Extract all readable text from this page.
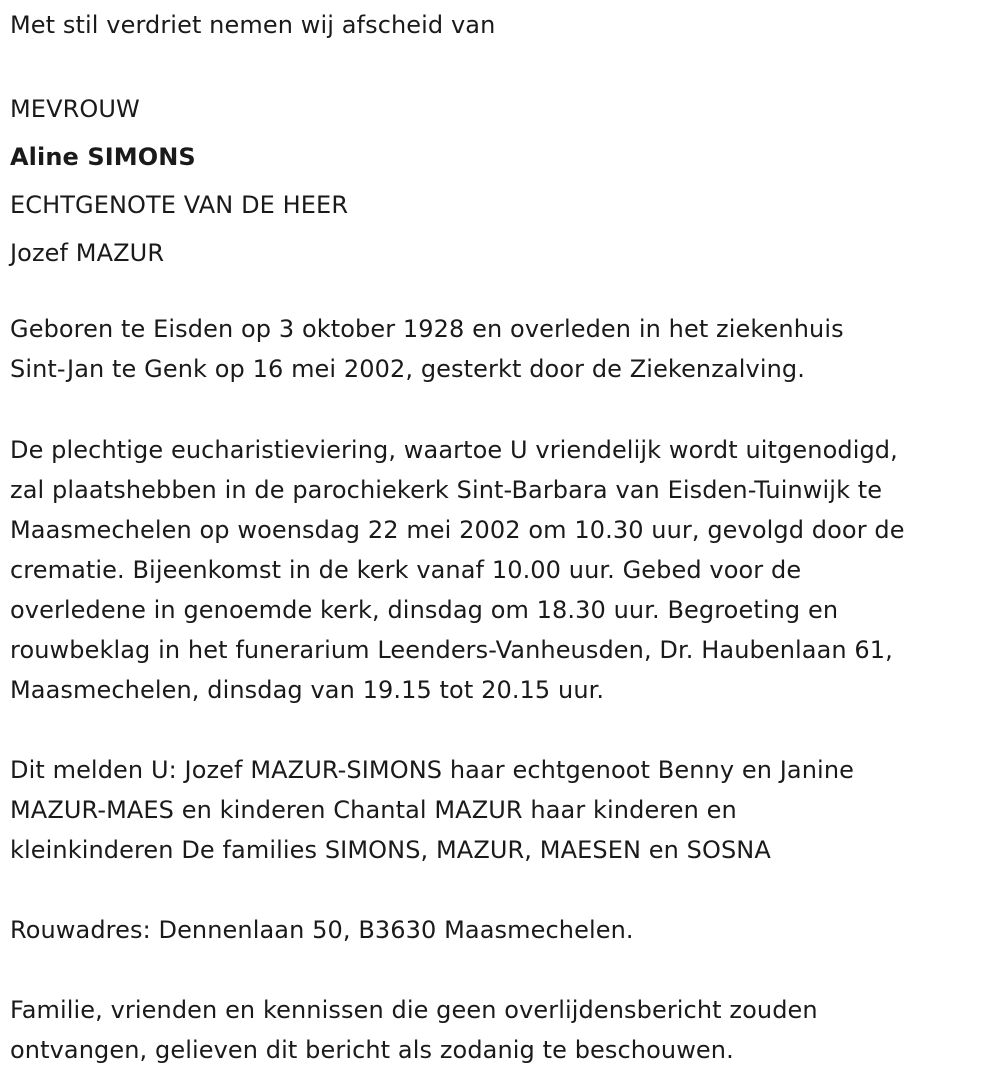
Met stil verdriet nemen wij afscheid van
MEVROUW
Aline SIMONS
ECHTGENOTE VAN DE HEER
Jozef MAZUR
Geboren te Eisden op 3 oktober 1928 en overleden in het ziekenhuis
Sint-Jan te Genk op 16 mei 2002, gesterkt door de Ziekenzalving.
De plechtige eucharistieviering, waartoe U vriendelijk wordt uitgenodigd,
zal plaatshebben in de parochiekerk Sint-Barbara van Eisden-Tuinwijk te
Maasmechelen op woensdag 22 mei 2002 om 10.30 uur, gevolgd door de
crematie. Bijeenkomst in de kerk vanaf 10.00 uur. Gebed voor de
overledene in genoemde kerk, dinsdag om 18.30 uur. Begroeting en
rouwbeklag in het funerarium Leenders-Vanheusden, Dr. Haubenlaan 61,
Maasmechelen, dinsdag van 19.15 tot 20.15 uur.
Dit melden U: Jozef MAZUR-SIMONS haar echtgenoot Benny en Janine
MAZUR-MAES en kinderen Chantal MAZUR haar kinderen en
kleinkinderen De families SIMONS, MAZUR, MAESEN en SOSNA
Rouwadres: Dennenlaan 50, B3630 Maasmechelen.
Familie, vrienden en kennissen die geen overlijdensbericht zouden
ontvangen, gelieven dit bericht als zodanig te beschouwen.
